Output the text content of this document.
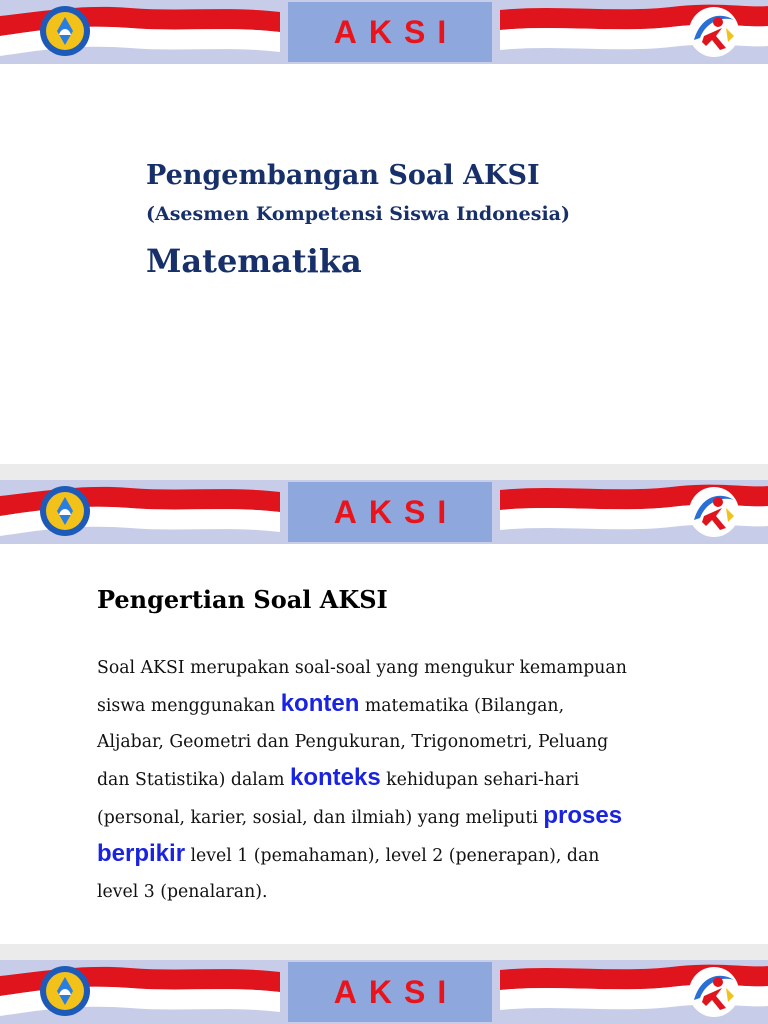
AKSI
Pengembangan Soal AKSI
(Asesmen Kompetensi Siswa Indonesia)
Matematika
AKSI
Pengertian Soal AKSI
Soal AKSI merupakan soal-soal yang mengukur kemampuan
siswa menggunakan konten matematika (Bilangan,
Aljabar, Geometri dan Pengukuran, Trigonometri, Peluang
dan Statistika) dalam konteks kehidupan sehari-hari
(personal, karier, sosial, dan ilmiah) yang meliputi proses
berpikir level 1 (pemahaman), level 2 (penerapan), dan
level 3 (penalaran).
AKSI
